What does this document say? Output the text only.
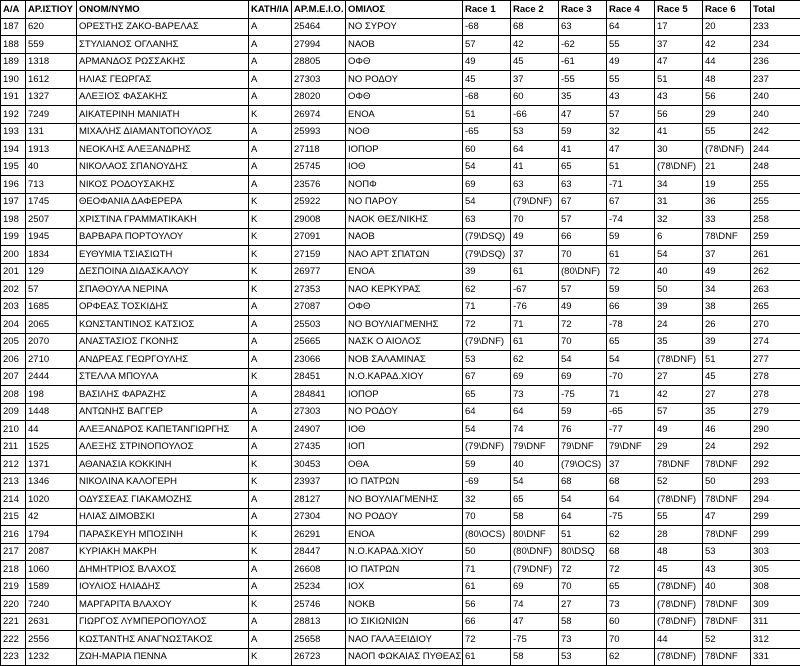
Α/Α	ΑΡ.ΙΣΤΙΟΥ	ΟΝΟΜ/ΝΥΜΟ	ΚΑΤΗ/ΙΑ	ΑΡ.Μ.Ε.Ι.Ο.	ΟΜΙΛΟΣ	Race 1	Race 2	Race 3	Race 4	Race 5	Race 6	Total
187	620	ΟΡΕΣΤΗΣ ΖΑΚΟ-ΒΑΡΕΛΑΣ	Α	25464	ΝΟ ΣΥΡΟΥ	-68	68	63	64	17	20	233
188	559	ΣΤΥΛΙΑΝΟΣ ΟΓΛΑΝΗΣ	Α	27994	ΝΑΟΒ	57	42	-62	55	37	42	234
189	1318	ΑΡΜΑΝΔΟΣ ΡΩΣΣΑΚΗΣ	Α	28805	ΟΦΘ	49	45	-61	49	47	44	236
190	1612	ΗΛΙΑΣ ΓΕΩΡΓΑΣ	Α	27303	ΝΟ ΡΟΔΟΥ	45	37	-55	55	51	48	237
191	1327	ΑΛΕΞΙΟΣ ΦΑΣΑΚΗΣ	Α	28020	ΟΦΘ	-68	60	35	43	43	56	240
192	7249	ΑΙΚΑΤΕΡΙΝΗ ΜΑΝΙΑΤΗ	Κ	26974	ΕΝΟΑ	51	-66	47	57	56	29	240
193	131	ΜΙΧΑΛΗΣ ΔΙΑΜΑΝΤΟΠΟΥΛΟΣ	Α	25993	ΝΟΘ	-65	53	59	32	41	55	242
194	1913	ΝΕΟΚΛΗΣ ΑΛΕΞΑΝΔΡΗΣ	Α	27118	ΙΟΠΟΡ	60	64	41	47	30	(78\DNF)	244
195	40	ΝΙΚΟΛΑΟΣ ΣΠΑΝΟΥΔΗΣ	Α	25745	ΙΟΘ	54	41	65	51	(78\DNF)	21	248
196	713	ΝΙΚΟΣ ΡΟΔΟΥΣΑΚΗΣ	Α	23576	ΝΟΠΦ	69	63	63	-71	34	19	255
197	1745	ΘΕΟΦΑΝΙΑ ΔΑΦΕΡΕΡΑ	Κ	25922	ΝΟ ΠΑΡΟΥ	54	(79\DNF)	67	67	31	36	255
198	2507	ΧΡΙΣΤΙΝΑ ΓΡΑΜΜΑΤΙΚΑΚΗ	Κ	29008	ΝΑΟΚ ΘΕΣ/ΝΙΚΗΣ	63	70	57	-74	32	33	258
199	1945	ΒΑΡΒΑΡΑ ΠΟΡΤΟΥΛΟΥ	Κ	27091	ΝΑΟΒ	(79\DSQ)	49	66	59	6	78\DNF	259
200	1834	ΕΥΘΥΜΙΑ ΤΣΙΑΣΙΩΤΗ	Κ	27159	ΝΑΟ ΑΡΤ ΣΠΑΤΩΝ	(79\DSQ)	37	70	61	54	37	261
201	129	ΔΕΣΠΟΙΝΑ ΔΙΔΑΣΚΑΛΟΥ	Κ	26977	ΕΝΟΑ	39	61	(80\DNF)	72	40	49	262
202	57	ΣΠΑΘΟΥΛΑ ΝΕΡΙΝΑ	Κ	27353	ΝΑΟ ΚΕΡΚΥΡΑΣ	62	-67	57	59	50	34	263
203	1685	ΟΡΦΕΑΣ ΤΟΣΚΙΔΗΣ	Α	27087	ΟΦΘ	71	-76	49	66	39	38	265
204	2065	ΚΩΝΣΤΑΝΤΙΝΟΣ ΚΑΤΣΙΟΣ	Α	25503	ΝΟ ΒΟΥΛΙΑΓΜΕΝΗΣ	72	71	72	-78	24	26	270
205	2070	ΑΝΑΣΤΑΣΙΟΣ ΓΚΟΝΗΣ	Α	25665	ΝΑΣΚ Ο ΑΙΟΛΟΣ	(79\DNF)	61	70	65	35	39	274
206	2710	ΑΝΔΡΕΑΣ ΓΕΩΡΓΟΥΛΗΣ	Α	23066	ΝΟΒ ΣΑΛΑΜΙΝΑΣ	53	62	54	54	(78\DNF)	51	277
207	2444	ΣΤΕΛΛΑ ΜΠΟΥΛΑ	Κ	28451	Ν.Ο.ΚΑΡΑΔ.ΧΙΟΥ	67	69	69	-70	27	45	278
208	198	ΒΑΣΙΛΗΣ ΦΑΡΑΖΗΣ	Α	284841	ΙΟΠΟΡ	65	73	-75	71	42	27	278
209	1448	ΑΝΤΩΝΗΣ ΒΑΓΓΕΡ	Α	27303	ΝΟ ΡΟΔΟΥ	64	64	59	-65	57	35	279
210	44	ΑΛΕΞΑΝΔΡΟΣ ΚΑΠΕΤΑΝΓΙΩΡΓΗΣ	Α	24907	ΙΟΘ	54	74	76	-77	49	46	290
211	1525	ΑΛΕΞΗΣ ΣΤΡΙΝΟΠΟΥΛΟΣ	Α	27435	ΙΟΠ	(79\DNF)	79\DNF	79\DNF	79\DNF	29	24	292
212	1371	ΑΘΑΝΑΣΙΑ ΚΟΚΚΙΝΗ	Κ	30453	ΟΘΑ	59	40	(79\OCS)	37	78\DNF	78\DNF	292
213	1346	ΝΙΚΟΛΙΝΑ ΚΑΛΟΓΕΡΗ	Κ	23937	ΙΟ ΠΑΤΡΩΝ	-69	54	68	68	52	50	293
214	1020	ΟΔΥΣΣΕΑΣ ΓΙΑΚΑΜΟΖΗΣ	Α	28127	ΝΟ ΒΟΥΛΙΑΓΜΕΝΗΣ	32	65	54	64	(78\DNF)	78\DNF	294
215	42	ΗΛΙΑΣ ΔΙΜΟΒΣΚΙ	Α	27304	ΝΟ ΡΟΔΟΥ	70	58	64	-75	55	47	299
216	1794	ΠΑΡΑΣΚΕΥΗ ΜΠΟΣΙΝΗ	Κ	26291	ΕΝΟΑ	(80\OCS)	80\DNF	51	62	28	78\DNF	299
217	2087	ΚΥΡΙΑΚΗ ΜΑΚΡΗ	Κ	28447	Ν.Ο.ΚΑΡΑΔ.ΧΙΟΥ	50	(80\DNF)	80\DSQ	68	48	53	303
218	1060	ΔΗΜΗΤΡΙΟΣ ΒΛΑΧΟΣ	Α	26608	ΙΟ ΠΑΤΡΩΝ	71	(79\DNF)	72	72	45	43	305
219	1589	ΙΟΥΛΙΟΣ ΗΛΙΑΔΗΣ	Α	25234	ΙΟΧ	61	69	70	65	(78\DNF)	40	308
220	7240	ΜΑΡΓΑΡΙΤΑ ΒΛΑΧΟΥ	Κ	25746	ΝΟΚΒ	56	74	27	73	(78\DNF)	78\DNF	309
221	2631	ΓΙΩΡΓΟΣ ΛΥΜΠΕΡΟΠΟΥΛΟΣ	Α	28813	ΙΟ ΣΙΚΙΩΝΙΩΝ	66	47	58	60	(78\DNF)	78\DNF	311
222	2556	ΚΩΣΤΑΝΤΗΣ ΑΝΑΓΝΩΣΤΑΚΟΣ	Α	25658	ΝΑΟ ΓΑΛΑΞΕΙΔΙΟΥ	72	-75	73	70	44	52	312
223	1232	ΖΩΗ-ΜΑΡΙΑ ΠΕΝΝΑ	Κ	26723	ΝΑΟΠ ΦΩΚΑΙΑΣ ΠΥΘΕΑΣ	61	58	53	62	(78\DNF)	78\DNF	331
